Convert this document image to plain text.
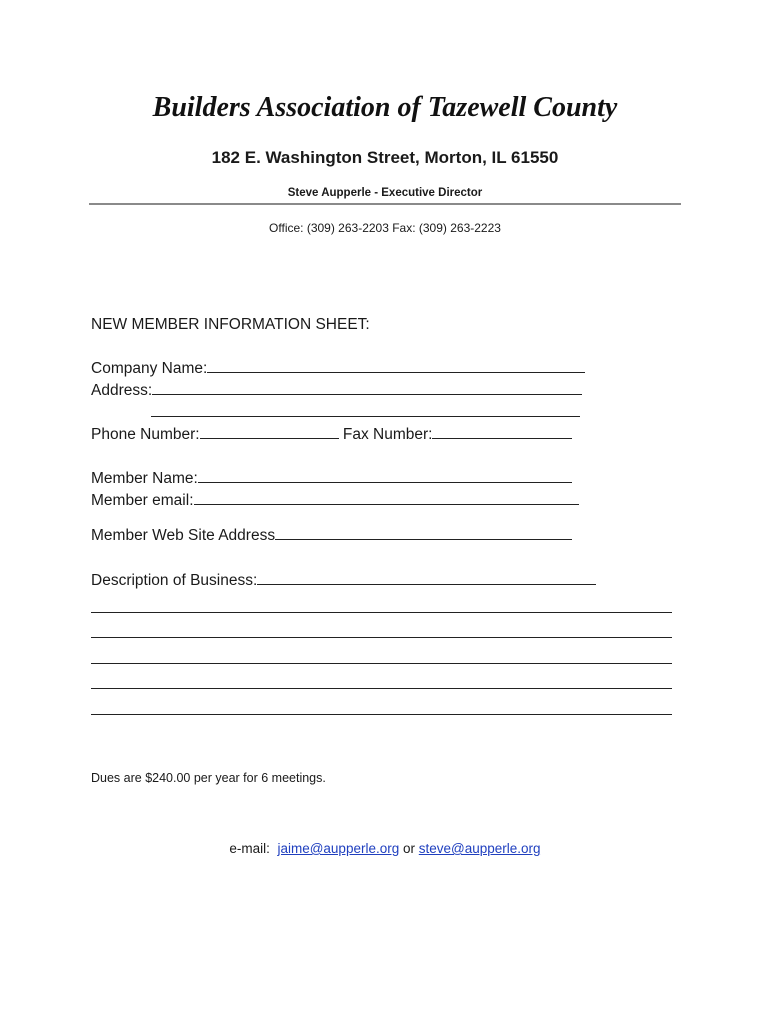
Builders Association of Tazewell County
182 E. Washington Street, Morton, IL 61550
Steve Aupperle - Executive Director
Office: (309) 263-2203 Fax: (309) 263-2223
NEW MEMBER INFORMATION SHEET:
Company Name:
Address:
Phone Number:	Fax Number:
Member Name:
Member email:
Member Web Site Address
Description of Business:
Dues are $240.00 per year for 6 meetings.
e-mail: jaime@aupperle.org or steve@aupperle.org
